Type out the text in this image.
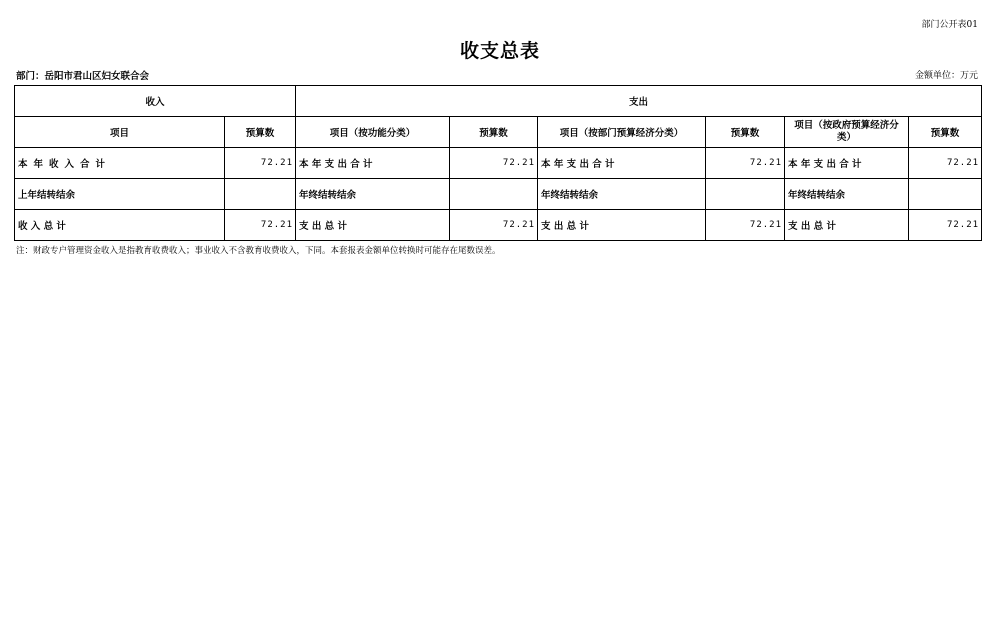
部门公开表01
收支总表
部门：岳阳市君山区妇女联合会	金额单位：万元
收入		支出					
项目	预算数	项目（按功能分类）	预算数	项目（按部门预算经济分类）	预算数	项目（按政府预算经济分类）	预算数
本年收入合计	72.21	本 年 支 出 合 计	72.21	本 年 支 出 合 计	72.21	本 年 支 出 合 计	72.21
上年结转结余		年终结转结余		年终结转结余		年终结转结余	
收 入 总 计	72.21	支 出 总 计	72.21	支 出 总 计	72.21	支 出 总 计	72.21
注：财政专户管理资金收入是指教育收费收入；事业收入不含教育收费收入，下同。本套报表金额单位转换时可能存在尾数误差。
